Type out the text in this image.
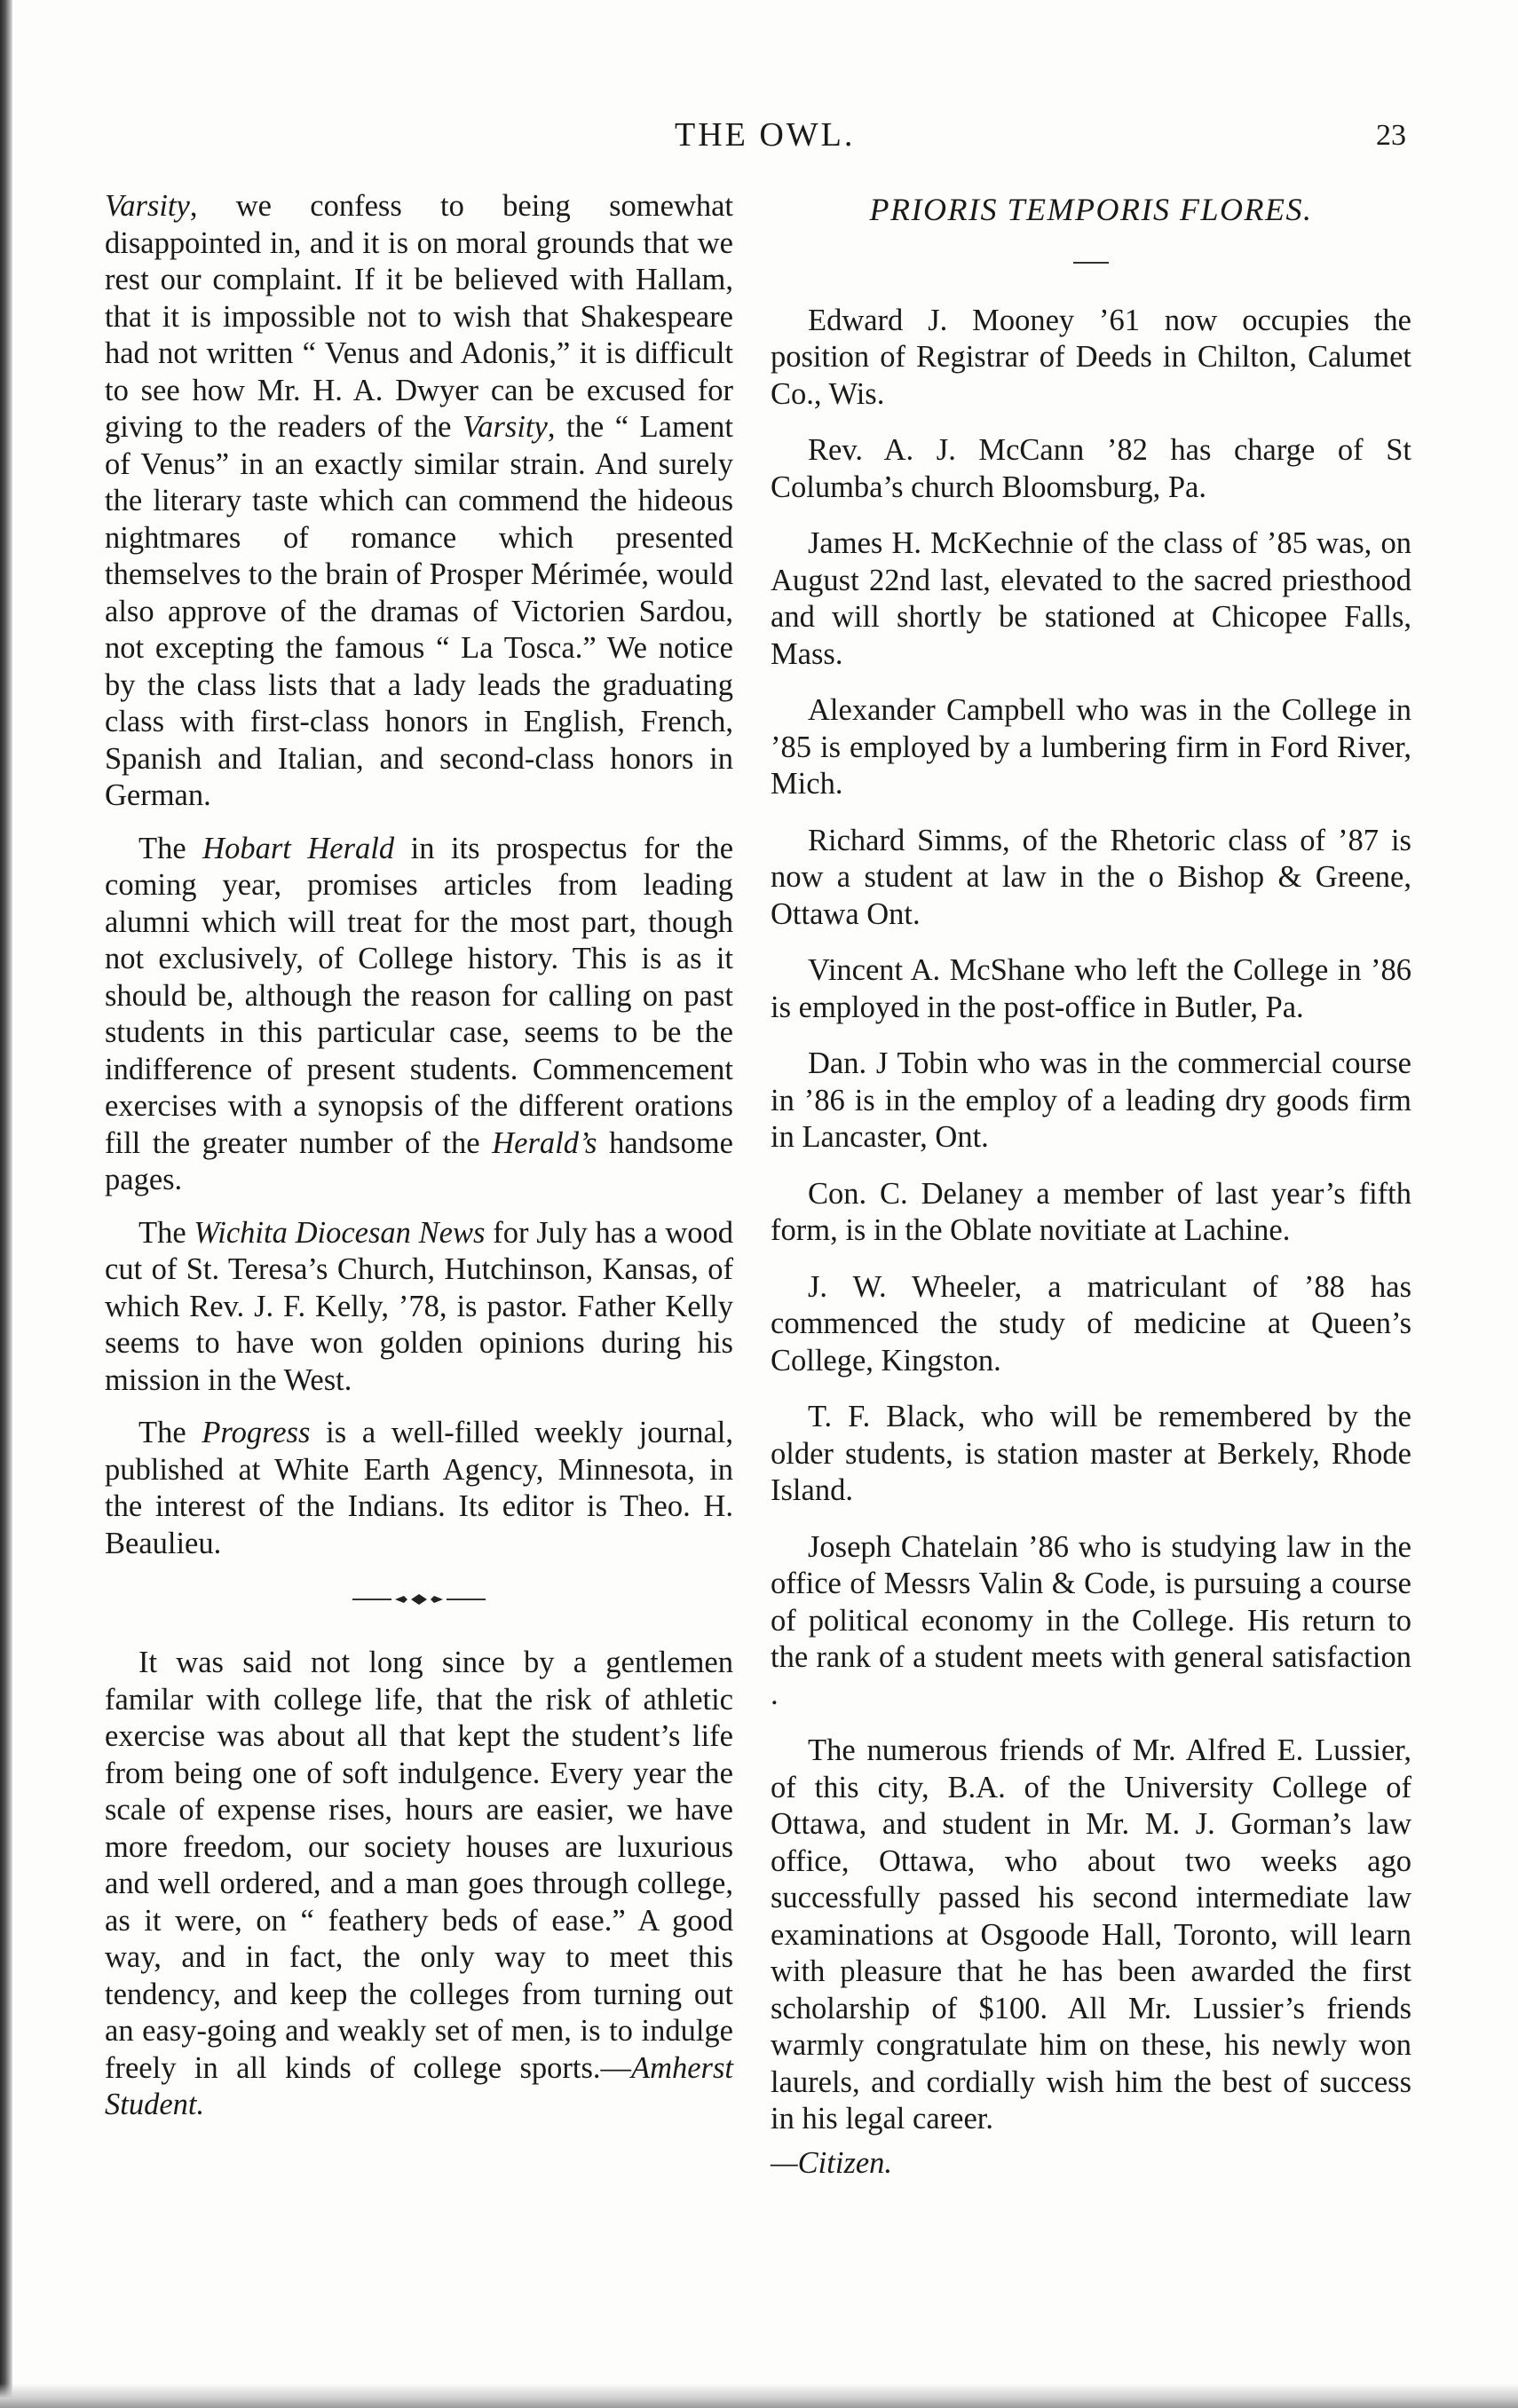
THE OWL.	23

Varsity, we confess to being somewhat disappointed in, and it is on moral grounds that we rest our complaint. If it be believed with Hallam, that it is impossible not to wish that Shakespeare had not written “ Venus and Adonis,” it is difficult to see how Mr. H. A. Dwyer can be excused for giving to the readers of the Varsity, the “ Lament of Venus” in an exactly similar strain. And surely the literary taste which can commend the hideous nightmares of romance which presented themselves to the brain of Prosper Mérimée, would also approve of the dramas of Victorien Sardou, not excepting the famous “ La Tosca.” We notice by the class lists that a lady leads the graduating class with first-class honors in English, French, Spanish and Italian, and second-class honors in German.

The Hobart Herald in its prospectus for the coming year, promises articles from leading alumni which will treat for the most part, though not exclusively, of College history. This is as it should be, although the reason for calling on past students in this particular case, seems to be the indifference of present students. Commencement exercises with a synopsis of the different orations fill the greater number of the Herald’s handsome pages.

The Wichita Diocesan News for July has a wood cut of St. Teresa’s Church, Hutchinson, Kansas, of which Rev. J. F. Kelly, ’78, is pastor. Father Kelly seems to have won golden opinions during his mission in the West.

The Progress is a well-filled weekly journal, published at White Earth Agency, Minnesota, in the interest of the Indians. Its editor is Theo. H. Beaulieu.

It was said not long since by a gentlemen familar with college life, that the risk of athletic exercise was about all that kept the student’s life from being one of soft indulgence. Every year the scale of expense rises, hours are easier, we have more freedom, our society houses are luxurious and well ordered, and a man goes through college, as it were, on “ feathery beds of ease.” A good way, and in fact, the only way to meet this tendency, and keep the colleges from turning out an easy-going and weakly set of men, is to indulge freely in all kinds of college sports.—Amherst Student.

PRIORIS TEMPORIS FLORES.

Edward J. Mooney ’61 now occupies the position of Registrar of Deeds in Chilton, Calumet Co., Wis.

Rev. A. J. McCann ’82 has charge of St Columba’s church Bloomsburg, Pa.

James H. McKechnie of the class of ’85 was, on August 22nd last, elevated to the sacred priesthood and will shortly be stationed at Chicopee Falls, Mass.

Alexander Campbell who was in the College in ’85 is employed by a lumbering firm in Ford River, Mich.

Richard Simms, of the Rhetoric class of ’87 is now a student at law in the o Bishop & Greene, Ottawa Ont.

Vincent A. McShane who left the College in ’86 is employed in the post-office in Butler, Pa.

Dan. J Tobin who was in the commercial course in ’86 is in the employ of a leading dry goods firm in Lancaster, Ont.

Con. C. Delaney a member of last year’s fifth form, is in the Oblate novitiate at Lachine.

J. W. Wheeler, a matriculant of ’88 has commenced the study of medicine at Queen’s College, Kingston.

T. F. Black, who will be remembered by the older students, is station master at Berkely, Rhode Island.

Joseph Chatelain ’86 who is studying law in the office of Messrs Valin & Code, is pursuing a course of political economy in the College. His return to the rank of a student meets with general satisfaction .

The numerous friends of Mr. Alfred E. Lussier, of this city, B.A. of the University College of Ottawa, and student in Mr. M. J. Gorman’s law office, Ottawa, who about two weeks ago successfully passed his second intermediate law examinations at Osgoode Hall, Toronto, will learn with pleasure that he has been awarded the first scholarship of $100. All Mr. Lussier’s friends warmly congratulate him on these, his newly won laurels, and cordially wish him the best of success in his legal career.

—Citizen.
